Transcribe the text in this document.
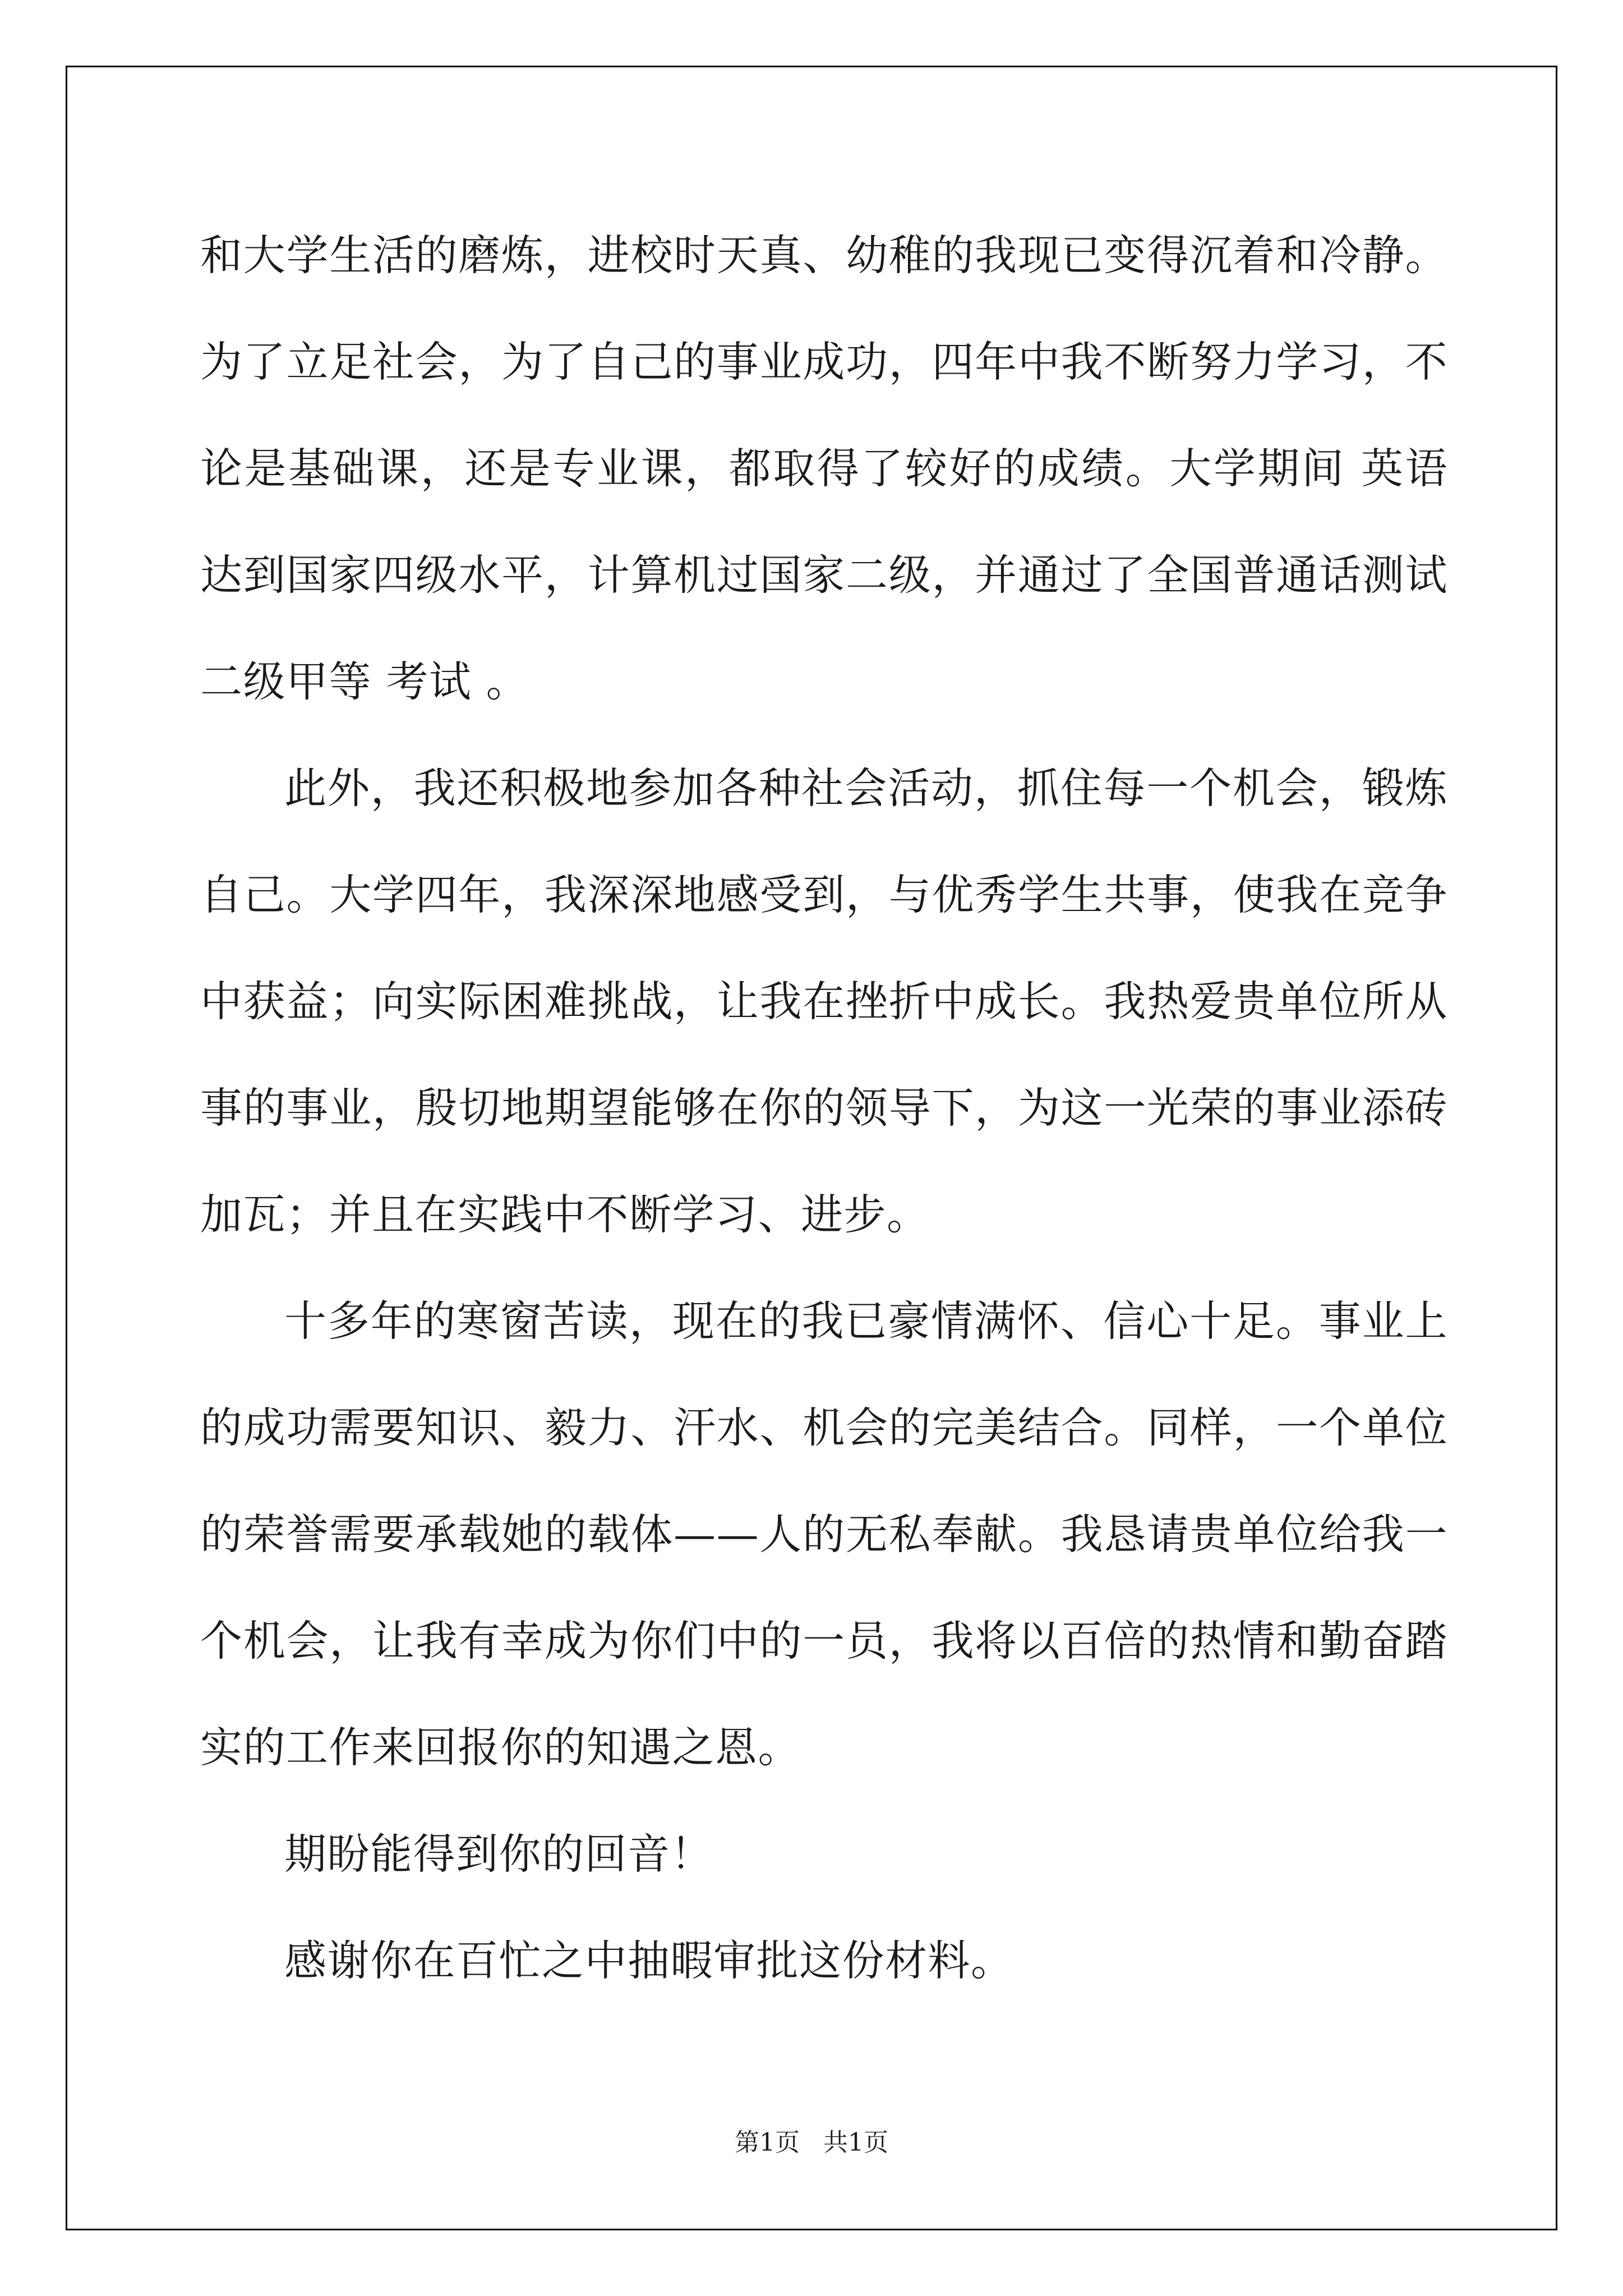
和大学生活的磨炼，进校时天真、幼稚的我现已变得沉着和冷静。为了立足社会，为了自己的事业成功，四年中我不断努力学习，不论是基础课，还是专业课，都取得了较好的成绩。大学期间 英语达到国家四级水平，计算机过国家二级，并通过了全国普通话测试二级甲等 考试 。

此外，我还积极地参加各种社会活动，抓住每一个机会，锻炼自己。大学四年，我深深地感受到，与优秀学生共事，使我在竞争中获益；向实际困难挑战，让我在挫折中成长。我热爱贵单位所从事的事业，殷切地期望能够在你的领导下，为这一光荣的事业添砖加瓦；并且在实践中不断学习、进步。

十多年的寒窗苦读，现在的我已豪情满怀、信心十足。事业上的成功需要知识、毅力、汗水、机会的完美结合。同样，一个单位的荣誉需要承载她的载体——人的无私奉献。我恳请贵单位给我一个机会，让我有幸成为你们中的一员，我将以百倍的热情和勤奋踏实的工作来回报你的知遇之恩。

期盼能得到你的回音！

感谢你在百忙之中抽暇审批这份材料。

第1页   共1页
